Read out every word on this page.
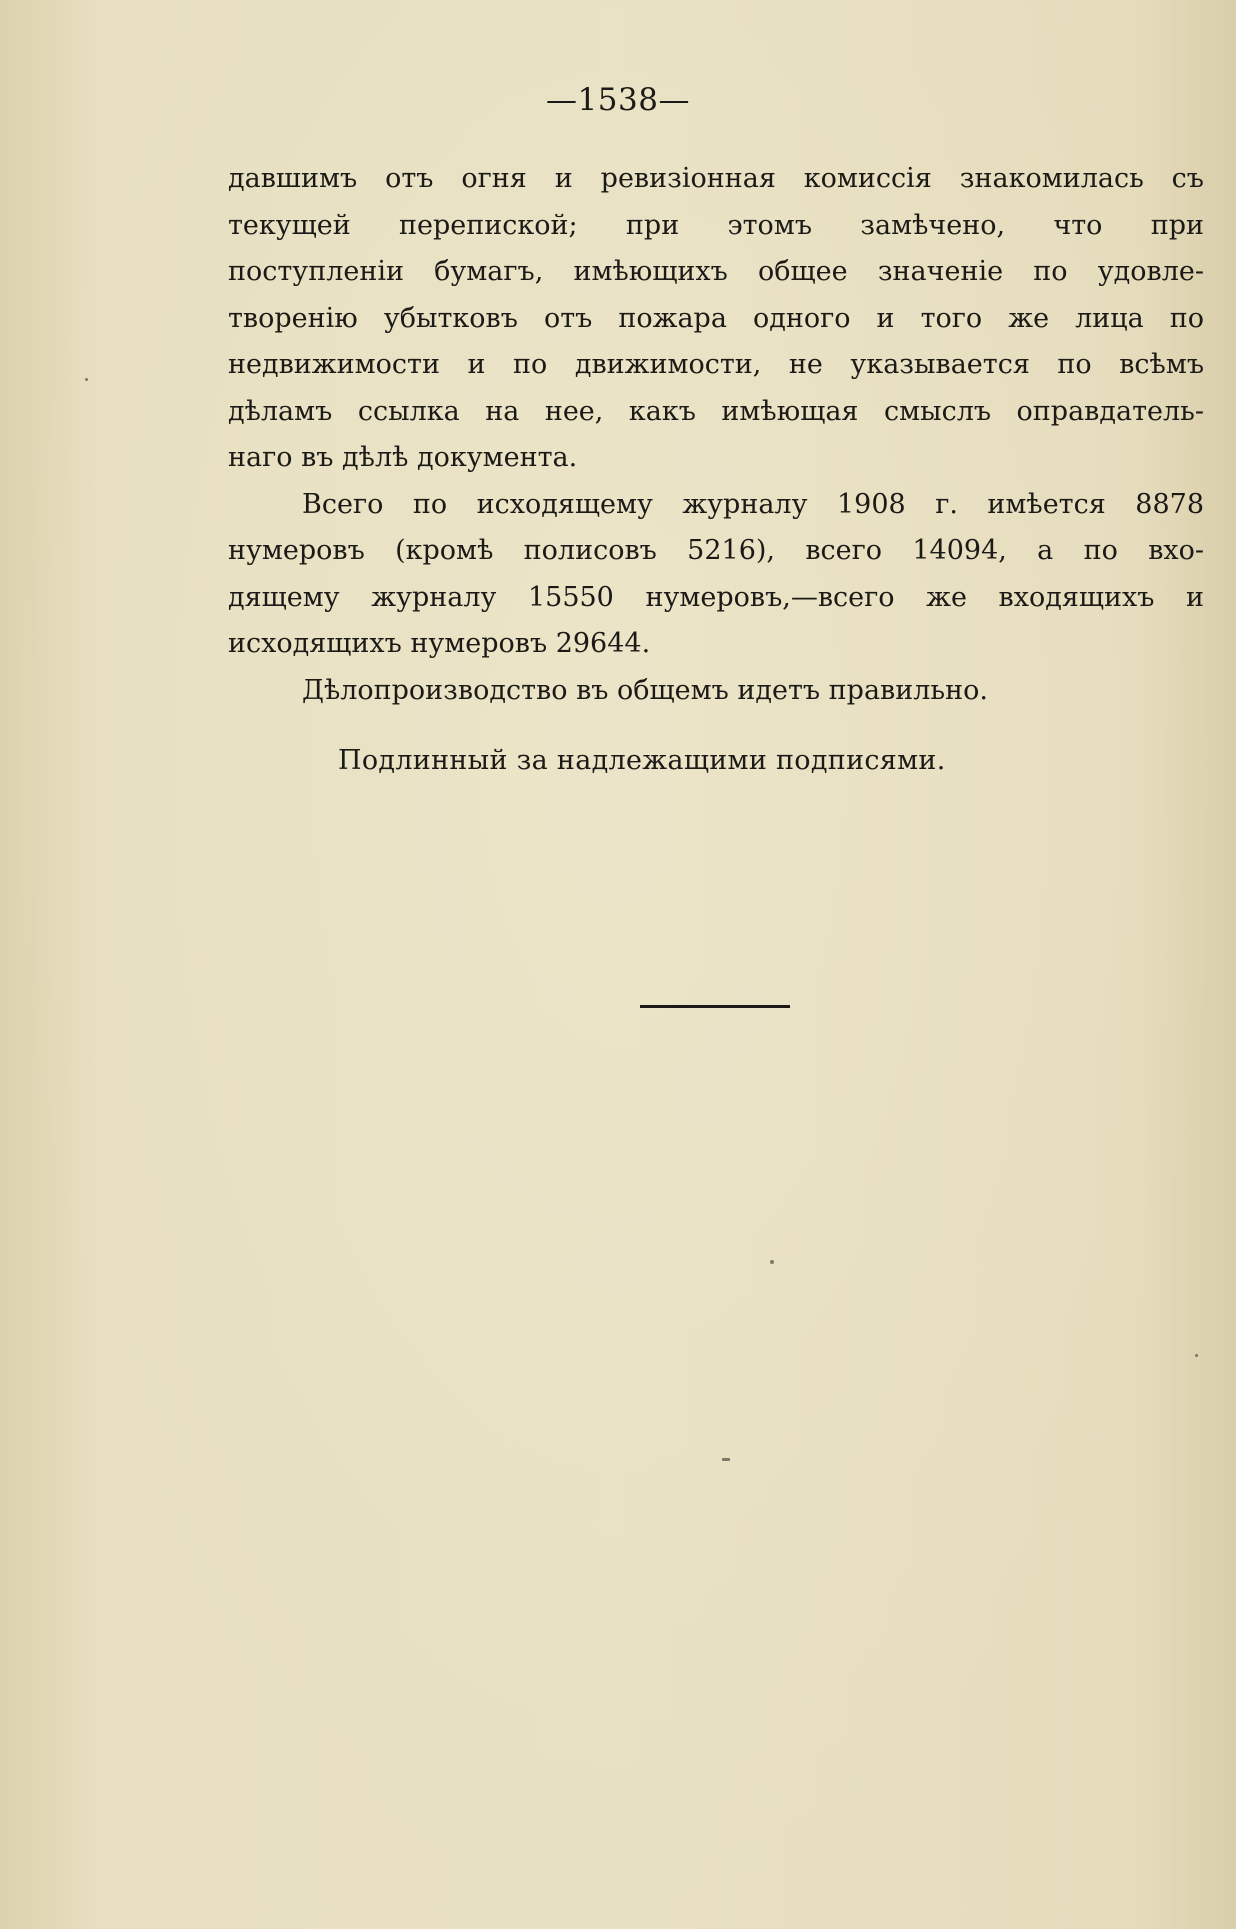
—1538—
давшимъ отъ огня и ревизіонная комиссія знакомилась съ
текущей перепиской; при этомъ замѣчено, что при
поступленіи бумагъ, имѣющихъ общее значеніе по удовле-
творенію убытковъ отъ пожара одного и того же лица по
недвижимости и по движимости, не указывается по всѣмъ
дѣламъ ссылка на нее, какъ имѣющая смыслъ оправдатель-
наго въ дѣлѣ документа.
Всего по исходящему журналу 1908 г. имѣется 8878
нумеровъ (кромѣ полисовъ 5216), всего 14094, а по вхо-
дящему журналу 15550 нумеровъ,—всего же входящихъ и
исходящихъ нумеровъ 29644.
Дѣлопроизводство въ общемъ идетъ правильно.
Подлинный за надлежащими подписями.
